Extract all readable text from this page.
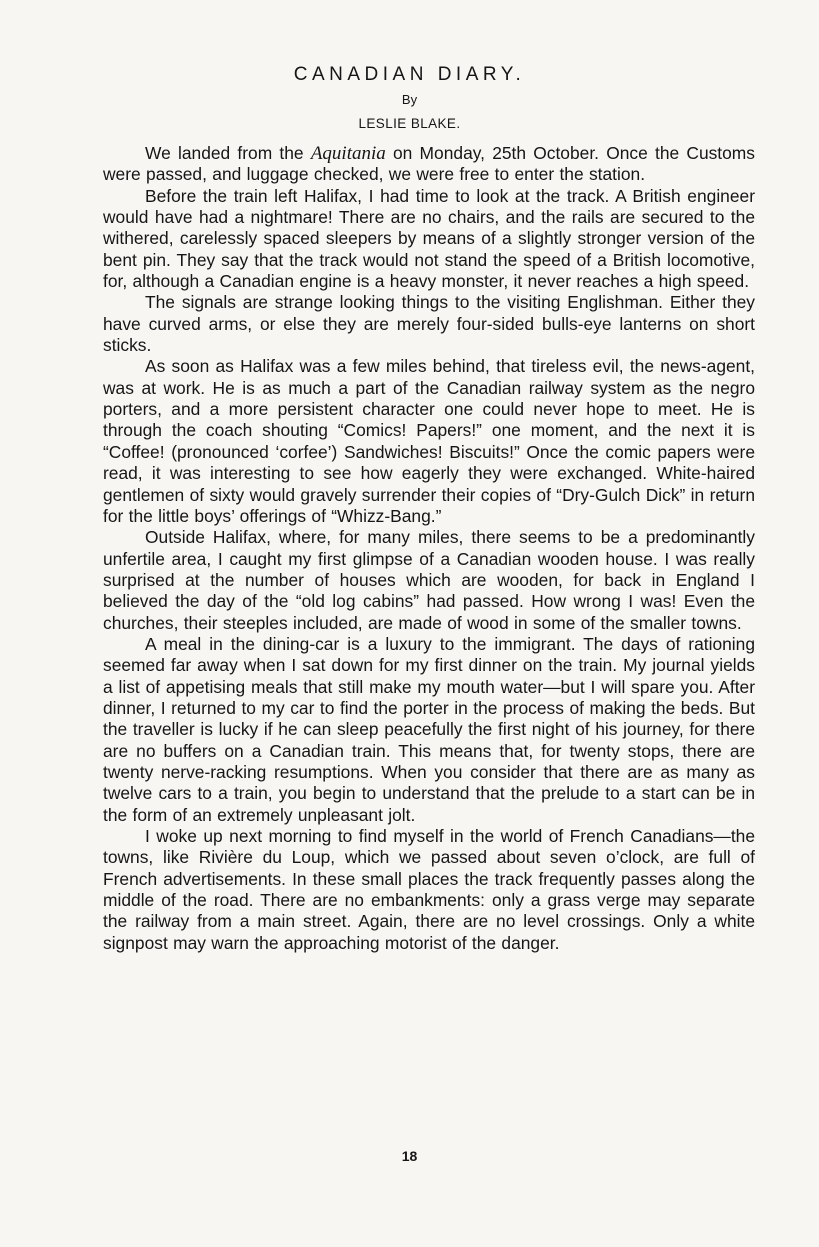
CANADIAN DIARY.
By
LESLIE BLAKE.

We landed from the Aquitania on Monday, 25th October. Once the Customs were passed, and luggage checked, we were free to enter the station.

Before the train left Halifax, I had time to look at the track. A British engineer would have had a nightmare! There are no chairs, and the rails are secured to the withered, carelessly spaced sleepers by means of a slightly stronger version of the bent pin. They say that the track would not stand the speed of a British locomotive, for, although a Canadian engine is a heavy monster, it never reaches a high speed.

The signals are strange looking things to the visiting Englishman. Either they have curved arms, or else they are merely four-sided bulls-eye lanterns on short sticks.

As soon as Halifax was a few miles behind, that tireless evil, the news-agent, was at work. He is as much a part of the Canadian railway system as the negro porters, and a more persistent character one could never hope to meet. He is through the coach shouting “Comics! Papers!” one moment, and the next it is “Coffee! (pronounced ‘corfee’) Sandwiches! Biscuits!” Once the comic papers were read, it was interesting to see how eagerly they were exchanged. White-haired gentlemen of sixty would gravely surrender their copies of “Dry-Gulch Dick” in return for the little boys’ offerings of “Whizz-Bang.”

Outside Halifax, where, for many miles, there seems to be a predominantly unfertile area, I caught my first glimpse of a Canadian wooden house. I was really surprised at the number of houses which are wooden, for back in England I believed the day of the “old log cabins” had passed. How wrong I was! Even the churches, their steeples included, are made of wood in some of the smaller towns.

A meal in the dining-car is a luxury to the immigrant. The days of rationing seemed far away when I sat down for my first dinner on the train. My journal yields a list of appetising meals that still make my mouth water—but I will spare you. After dinner, I returned to my car to find the porter in the process of making the beds. But the traveller is lucky if he can sleep peacefully the first night of his journey, for there are no buffers on a Canadian train. This means that, for twenty stops, there are twenty nerve-racking resumptions. When you consider that there are as many as twelve cars to a train, you begin to understand that the prelude to a start can be in the form of an extremely unpleasant jolt.

I woke up next morning to find myself in the world of French Canadians—the towns, like Rivière du Loup, which we passed about seven o’clock, are full of French advertisements. In these small places the track frequently passes along the middle of the road. There are no embankments: only a grass verge may separate the railway from a main street. Again, there are no level crossings. Only a white signpost may warn the approaching motorist of the danger.

18
